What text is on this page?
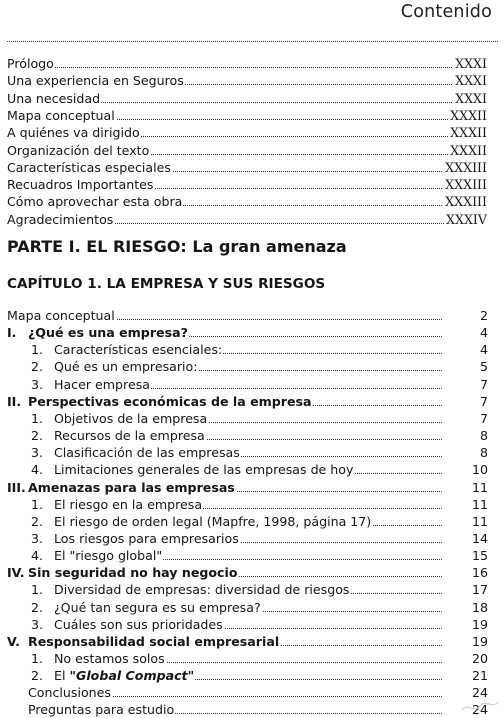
Contenido
Prólogo	XXXI
Una experiencia en Seguros	XXXI
Una necesidad	XXXI
Mapa conceptual	XXXII
A quiénes va dirigido	XXXII
Organización del texto	XXXII
Características especiales	XXXIII
Recuadros Importantes	XXXIII
Cómo aprovechar esta obra	XXXIII
Agradecimientos	XXXIV
PARTE I. EL RIESGO: La gran amenaza
CAPÍTULO 1. LA EMPRESA Y SUS RIESGOS
Mapa conceptual	2
I. ¿Qué es una empresa?	4
1. Características esenciales:	4
2. Qué es un empresario:	5
3. Hacer empresa	7
II. Perspectivas económicas de la empresa	7
1. Objetivos de la empresa	7
2. Recursos de la empresa	8
3. Clasificación de las empresas	8
4. Limitaciones generales de las empresas de hoy	10
III. Amenazas para las empresas	11
1. El riesgo en la empresa	11
2. El riesgo de orden legal (Mapfre, 1998, página 17)	11
3. Los riesgos para empresarios	14
4. El "riesgo global"	15
IV. Sin seguridad no hay negocio	16
1. Diversidad de empresas: diversidad de riesgos	17
2. ¿Qué tan segura es su empresa?	18
3. Cuáles son sus prioridades	19
V. Responsabilidad social empresarial	19
1. No estamos solos	20
2. El "Global Compact"	21
Conclusiones	24
Preguntas para estudio	24
